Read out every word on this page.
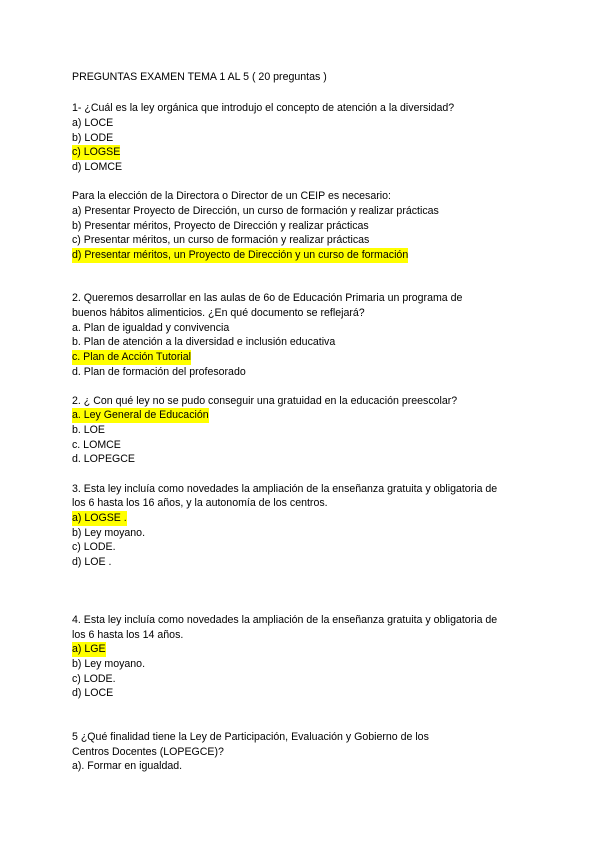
PREGUNTAS EXAMEN TEMA 1 AL 5 ( 20 preguntas )
1- ¿Cuál es la ley orgánica que introdujo el concepto de atención a la diversidad?
a) LOCE
b) LODE
c) LOGSE
d) LOMCE
Para la elección de la Directora o Director de un CEIP es necesario:
a) Presentar Proyecto de Dirección, un curso de formación y realizar prácticas
b) Presentar méritos, Proyecto de Dirección y realizar prácticas
c) Presentar méritos, un curso de formación y realizar prácticas
d) Presentar méritos, un Proyecto de Dirección y un curso de formación
2. Queremos desarrollar en las aulas de 6o de Educación Primaria un programa de
buenos hábitos alimenticios. ¿En qué documento se reflejará?
a. Plan de igualdad y convivencia
b. Plan de atención a la diversidad e inclusión educativa
c. Plan de Acción Tutorial
d. Plan de formación del profesorado
2. ¿ Con qué ley no se pudo conseguir una gratuidad en la educación preescolar?
a. Ley General de Educación
b. LOE
c. LOMCE
d. LOPEGCE
3. Esta ley incluía como novedades la ampliación de la enseñanza gratuita y obligatoria de
los 6 hasta los 16 años, y la autonomía de los centros.
a) LOGSE .
b) Ley moyano.
c) LODE.
d) LOE .
4. Esta ley incluía como novedades la ampliación de la enseñanza gratuita y obligatoria de
los 6 hasta los 14 años.
a) LGE
b) Ley moyano.
c) LODE.
d) LOCE
5 ¿Qué finalidad tiene la Ley de Participación, Evaluación y Gobierno de los
Centros Docentes (LOPEGCE)?
a). Formar en igualdad.
